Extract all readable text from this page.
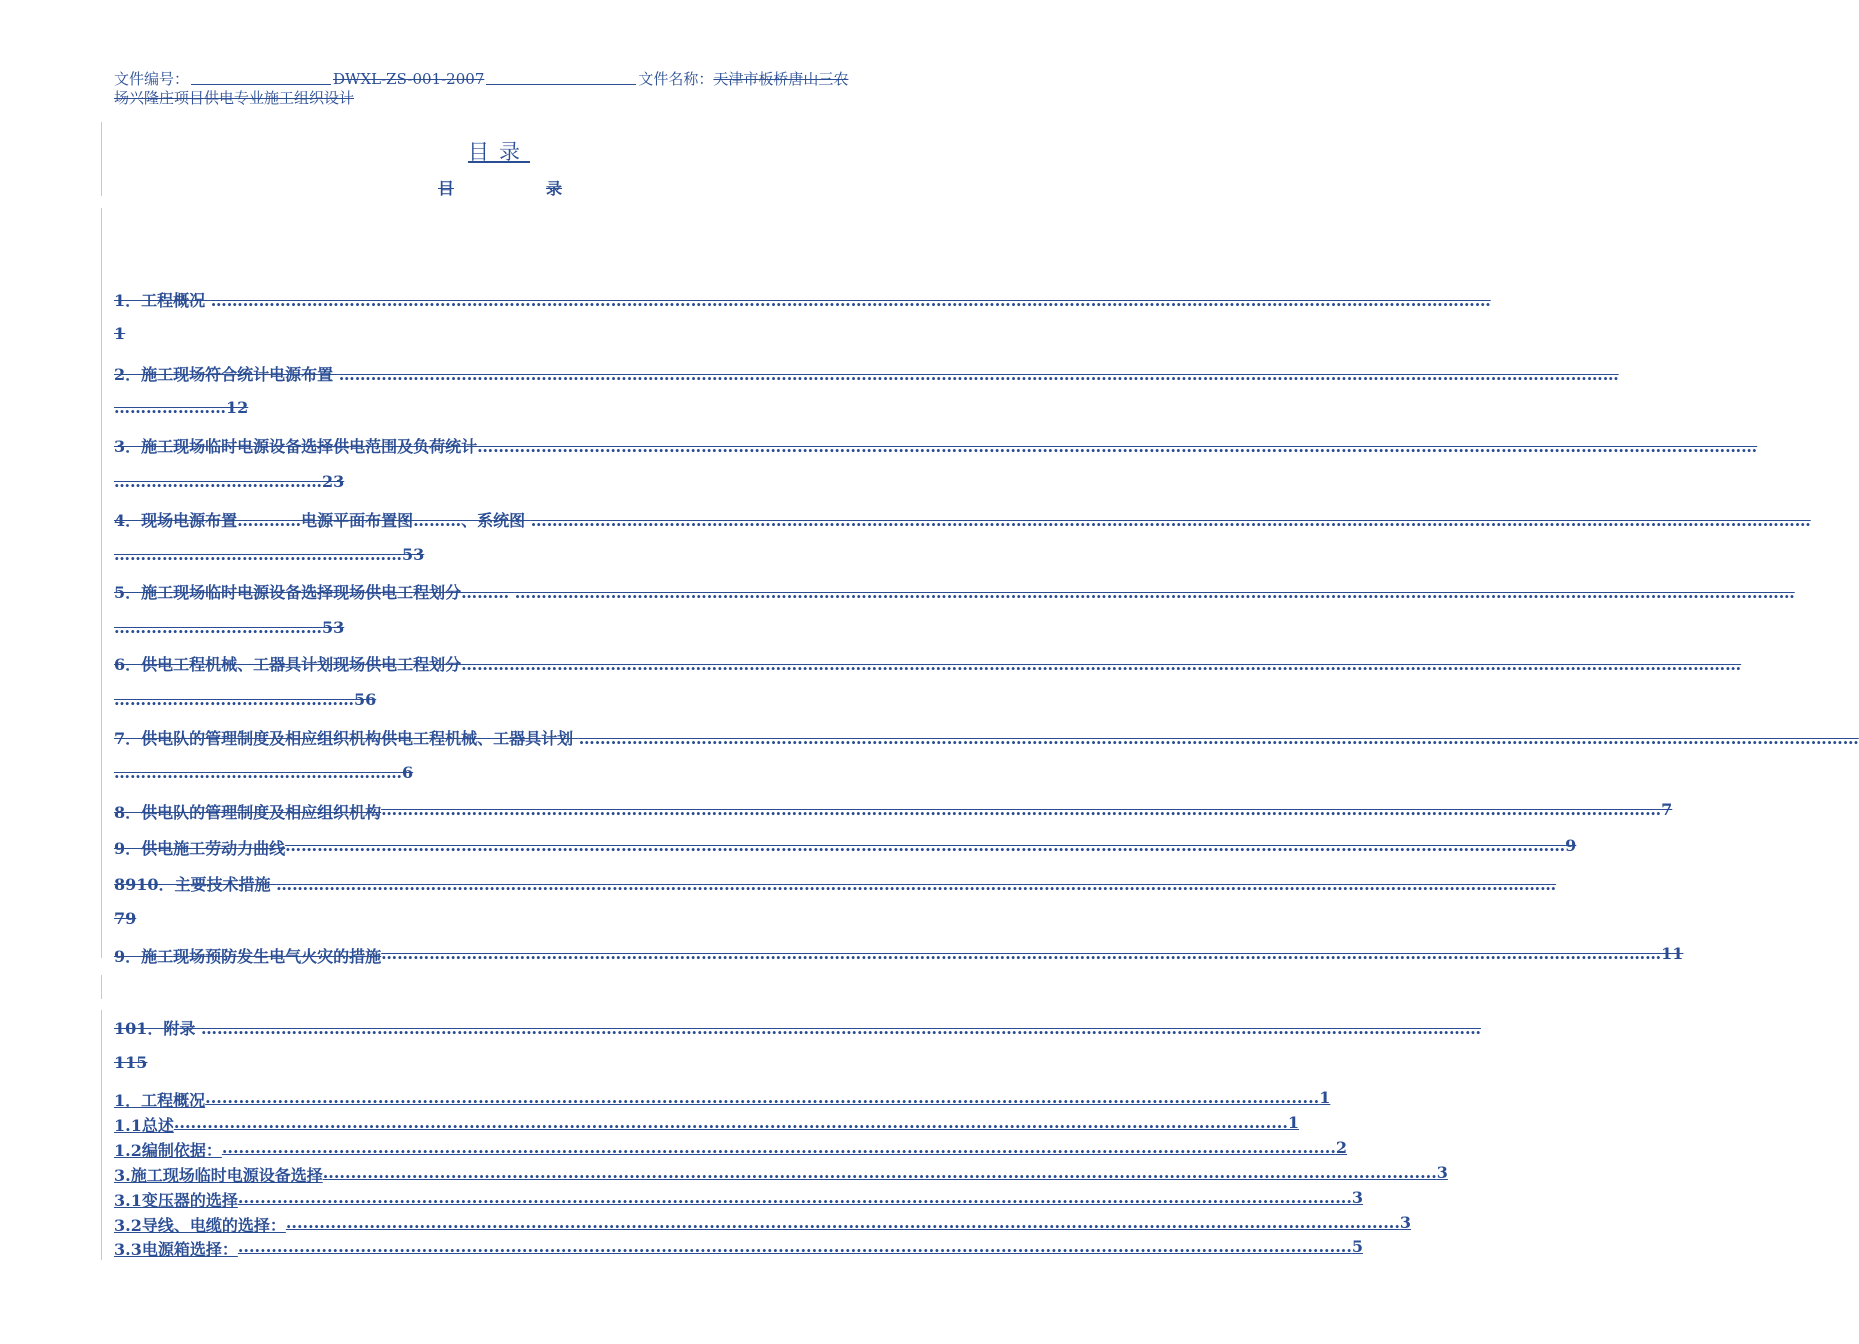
文件编号：	DWXL-ZS-001-2007	文件名称：天津市板桥唐山三农
场兴隆庄项目供电专业施工组织设计
目录
目	录
1．工程概况 ……………………………………………………………………………………………………………………………………………………………………………………………………………………
1
2．施工现场符合统计电源布置 ……………………………………………………………………………………………………………………………………………………………………………………………………………………
…………………12
3．施工现场临时电源设备选择供电范围及负荷统计……………………………………………………………………………………………………………………………………………………………………………………………………………………
…………………………………23
4．现场电源布置…………电源平面布置图………、系统图 ……………………………………………………………………………………………………………………………………………………………………………………………………………………
………………………………………………53
5．施工现场临时电源设备选择现场供电工程划分……… ……………………………………………………………………………………………………………………………………………………………………………………………………………………
…………………………………53
6．供电工程机械、工器具计划现场供电工程划分……………………………………………………………………………………………………………………………………………………………………………………………………………………
………………………………………56
7．供电队的管理制度及相应组织机构供电工程机械、工器具计划 ……………………………………………………………………………………………………………………………………………………………………………………………………………………
………………………………………………6
8．供电队的管理制度及相应组织机构 …………………………………………………………………………………………………………………………………………………………………………………………………………………… 7
9．供电施工劳动力曲线 …………………………………………………………………………………………………………………………………………………………………………………………………………………… 9
8910．主要技术措施 ……………………………………………………………………………………………………………………………………………………………………………………………………………………
79
9．施工现场预防发生电气火灾的措施 …………………………………………………………………………………………………………………………………………………………………………………………………………………… 11
101．附录 ……………………………………………………………………………………………………………………………………………………………………………………………………………………
115
1．工程概况 ........................................................................................................................................................................................................ 1
1.1总述 ........................................................................................................................................................................................................ 1
1.2编制依据： ........................................................................................................................................................................................................ 2
3.施工现场临时电源设备选择 ........................................................................................................................................................................................................ 3
3.1变压器的选择 ........................................................................................................................................................................................................ 3
3.2导线、电缆的选择： ........................................................................................................................................................................................................ 3
3.3电源箱选择： ........................................................................................................................................................................................................ 5
